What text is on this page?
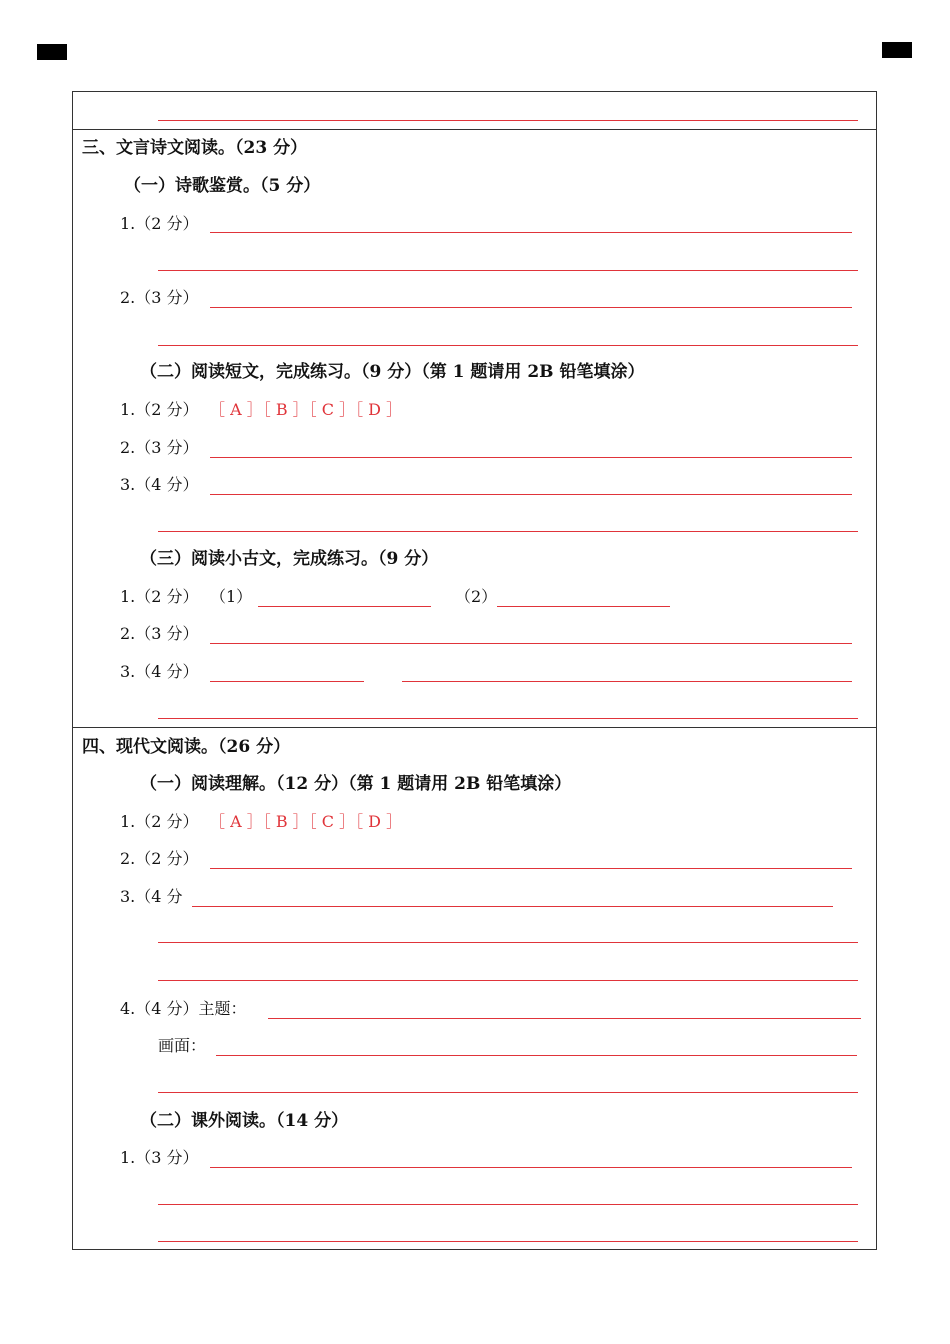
三、文言诗文阅读。（23 分）
（一）诗歌鉴赏。（5 分）
1.（2 分）
2.（3 分）
（二）阅读短文，完成练习。（9 分）（第 1 题请用 2B 铅笔填涂）
1.（2 分） ［ A ］［ B ］［ C ］［ D ］
2.（3 分）
3.（4 分）
（三）阅读小古文，完成练习。（9 分）
1.（2 分） （1）	（2）
2.（3 分）
3.（4 分）
四、现代文阅读。（26 分）
（一）阅读理解。（12 分）（第 1 题请用 2B 铅笔填涂）
1.（2 分） ［ A ］［ B ］［ C ］［ D ］
2.（2 分）
3.（4 分
4.（4 分）主题：
画面：
（二）课外阅读。（14 分）
1.（3 分）
